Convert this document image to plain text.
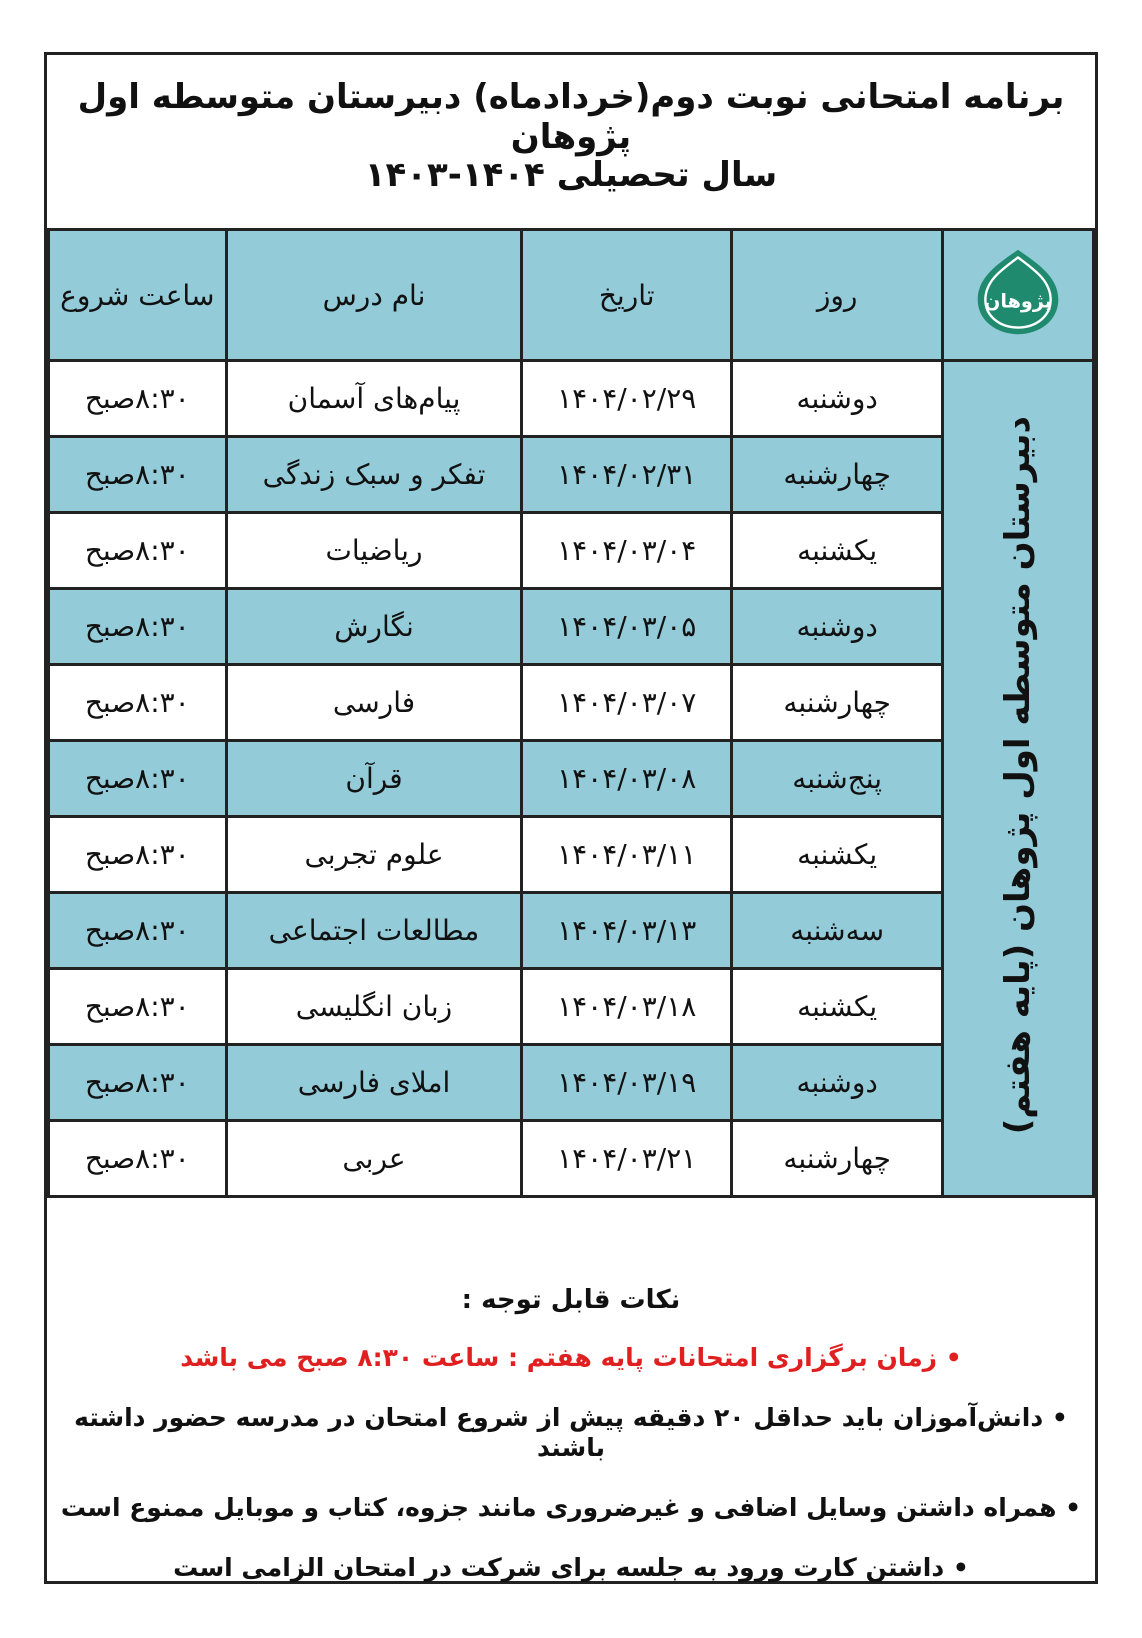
برنامه امتحانی نوبت دوم(خردادماه) دبیرستان متوسطه اول پژوهان
سال تحصیلی ۱۴۰۴-۱۴۰۳
پژوهان	روز	تاریخ	نام درس	ساعت شروع
دبیرستان متوسطه اول پژوهان (پایه هفتم)	دوشنبه	۱۴۰۴/۰۲/۲۹	پیام‌های آسمان	۸:۳۰صبح
	چهارشنبه	۱۴۰۴/۰۲/۳۱	تفکر و سبک زندگی	۸:۳۰صبح
	یکشنبه	۱۴۰۴/۰۳/۰۴	ریاضیات	۸:۳۰صبح
	دوشنبه	۱۴۰۴/۰۳/۰۵	نگارش	۸:۳۰صبح
	چهارشنبه	۱۴۰۴/۰۳/۰۷	فارسی	۸:۳۰صبح
	پنج‌شنبه	۱۴۰۴/۰۳/۰۸	قرآن	۸:۳۰صبح
	یکشنبه	۱۴۰۴/۰۳/۱۱	علوم تجربی	۸:۳۰صبح
	سه‌شنبه	۱۴۰۴/۰۳/۱۳	مطالعات اجتماعی	۸:۳۰صبح
	یکشنبه	۱۴۰۴/۰۳/۱۸	زبان انگلیسی	۸:۳۰صبح
	دوشنبه	۱۴۰۴/۰۳/۱۹	املای فارسی	۸:۳۰صبح
	چهارشنبه	۱۴۰۴/۰۳/۲۱	عربی	۸:۳۰صبح
نکات قابل توجه :
• زمان برگزاری امتحانات پایه هفتم : ساعت ۸:۳۰ صبح می باشد
• دانش‌آموزان باید حداقل ۲۰ دقیقه پیش از شروع امتحان در مدرسه حضور داشته باشند
• همراه داشتن وسایل اضافی و غیرضروری مانند جزوه، کتاب و موبایل ممنوع است
• داشتن کارت ورود به جلسه برای شرکت در امتحان الزامی است
